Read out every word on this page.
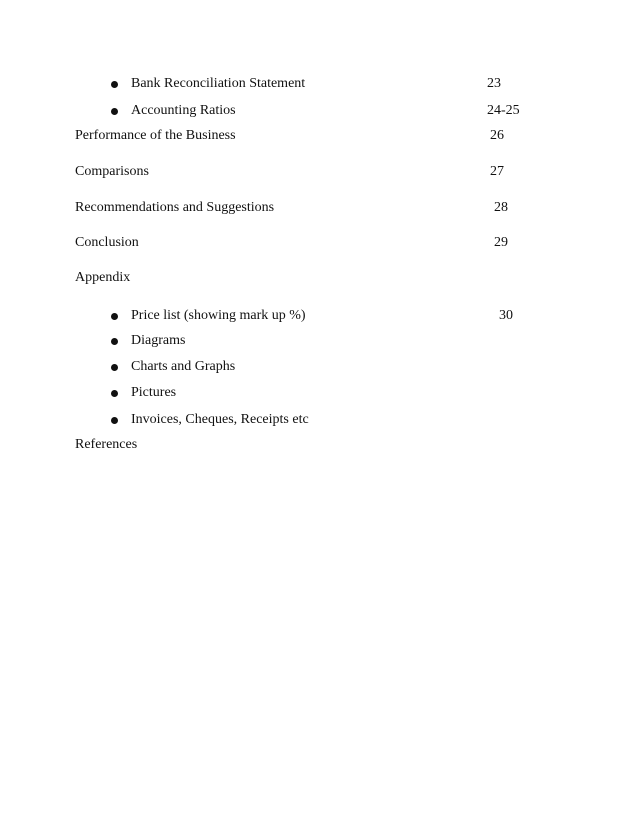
Bank Reconciliation Statement	23
Accounting Ratios	24-25
Performance of the Business	26
Comparisons	27
Recommendations and Suggestions	28
Conclusion	29
Appendix
Price list (showing mark up %)	30
Diagrams
Charts and Graphs
Pictures
Invoices, Cheques, Receipts etc
References
